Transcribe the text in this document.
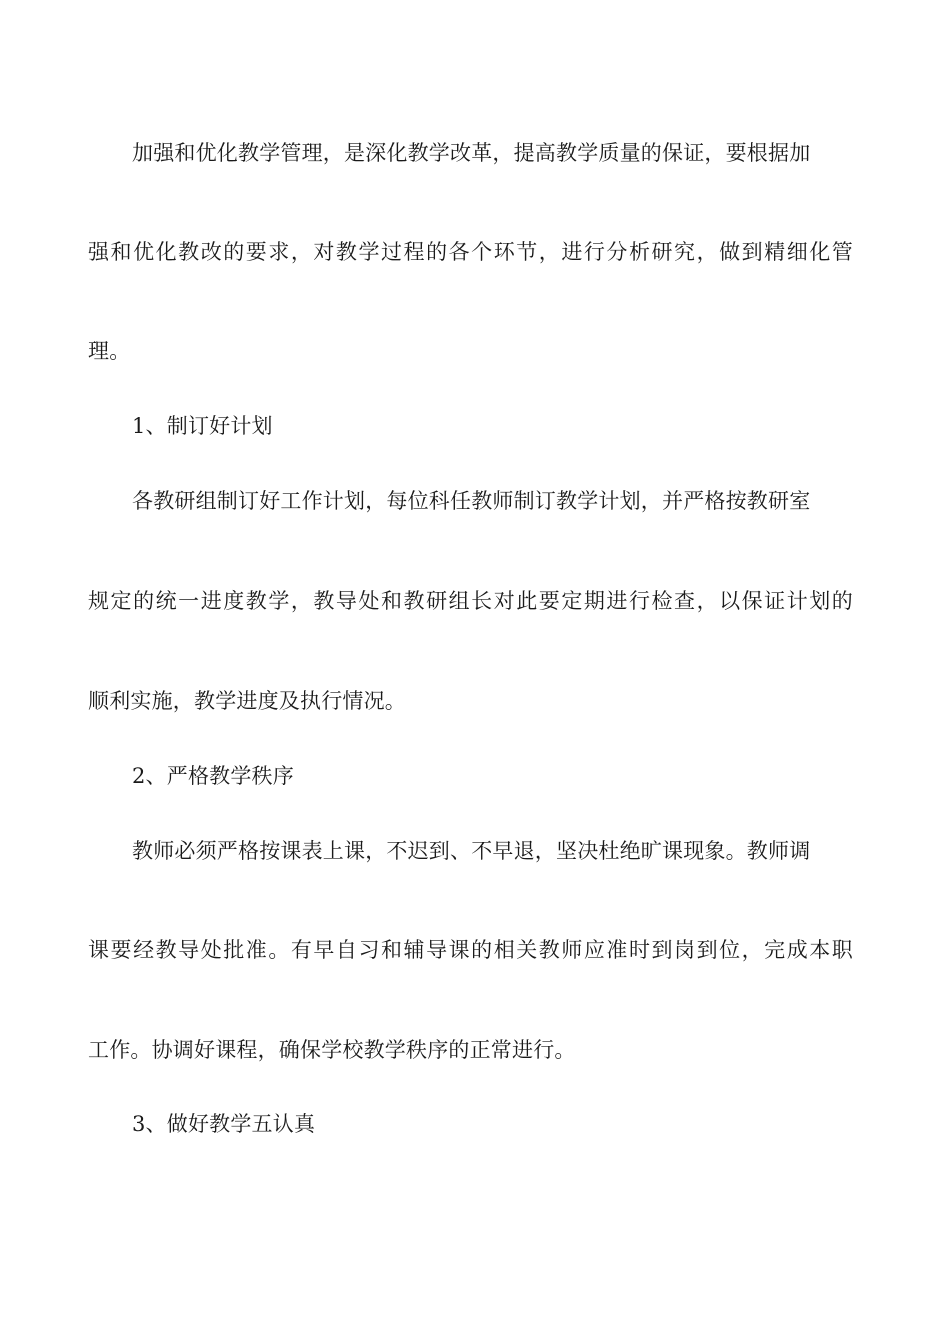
加强和优化教学管理，是深化教学改革，提高教学质量的保证，要根据加
强和优化教改的要求，对教学过程的各个环节，进行分析研究，做到精细化管
理。
1、制订好计划
各教研组制订好工作计划，每位科任教师制订教学计划，并严格按教研室
规定的统一进度教学，教导处和教研组长对此要定期进行检查，以保证计划的
顺利实施，教学进度及执行情况。
2、严格教学秩序
教师必须严格按课表上课，不迟到、不早退，坚决杜绝旷课现象。教师调
课要经教导处批准。有早自习和辅导课的相关教师应准时到岗到位，完成本职
工作。协调好课程，确保学校教学秩序的正常进行。
3、做好教学五认真
